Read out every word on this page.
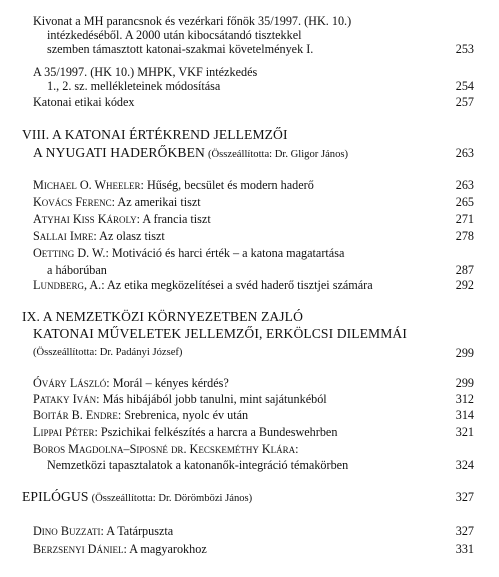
Kivonat a MH parancsnok és vezérkari főnök 35/1997. (HK. 10.)
intézkedéséből. A 2000 után kibocsátandó tisztekkel
szemben támasztott katonai-szakmai követelmények I.	253
A 35/1997. (HK 10.) MHPK, VKF intézkedés
1., 2. sz. mellékleteinek módosítása	254
Katonai etikai kódex	257
VIII. A KATONAI ÉRTÉKREND JELLEMZŐI
A NYUGATI HADERŐKBEN (Összeállította: Dr. Gligor János)	263
Michael O. Wheeler: Hűség, becsület és modern haderő	263
Kovács Ferenc: Az amerikai tiszt	265
Atyhai Kiss Károly: A francia tiszt	271
Sallai Imre: Az olasz tiszt	278
Oetting D. W.: Motiváció és harci érték – a katona magatartása
a háborúban	287
Lundberg, A.: Az etika megközelítései a svéd haderő tisztjei számára	292
IX. A NEMZETKÖZI KÖRNYEZETBEN ZAJLÓ
KATONAI MŰVELETEK JELLEMZŐI, ERKÖLCSI DILEMMÁI
(Összeállította: Dr. Padányi József)	299
Óváry László: Morál – kényes kérdés?	299
Pataky Iván: Más hibájából jobb tanulni, mint sajátunkéból	312
Boitár B. Endre: Srebrenica, nyolc év után	314
Lippai Péter: Pszichikai felkészítés a harcra a Bundeswehrben	321
Boros Magdolna–Siposné dr. Kecskeméthy Klára:
Nemzetközi tapasztalatok a katonanők-integráció témakörben	324
EPILÓGUS (Összeállította: Dr. Dörömbözi János)	327
Dino Buzzati: A Tatárpuszta	327
Berzsenyi Dániel: A magyarokhoz	331
